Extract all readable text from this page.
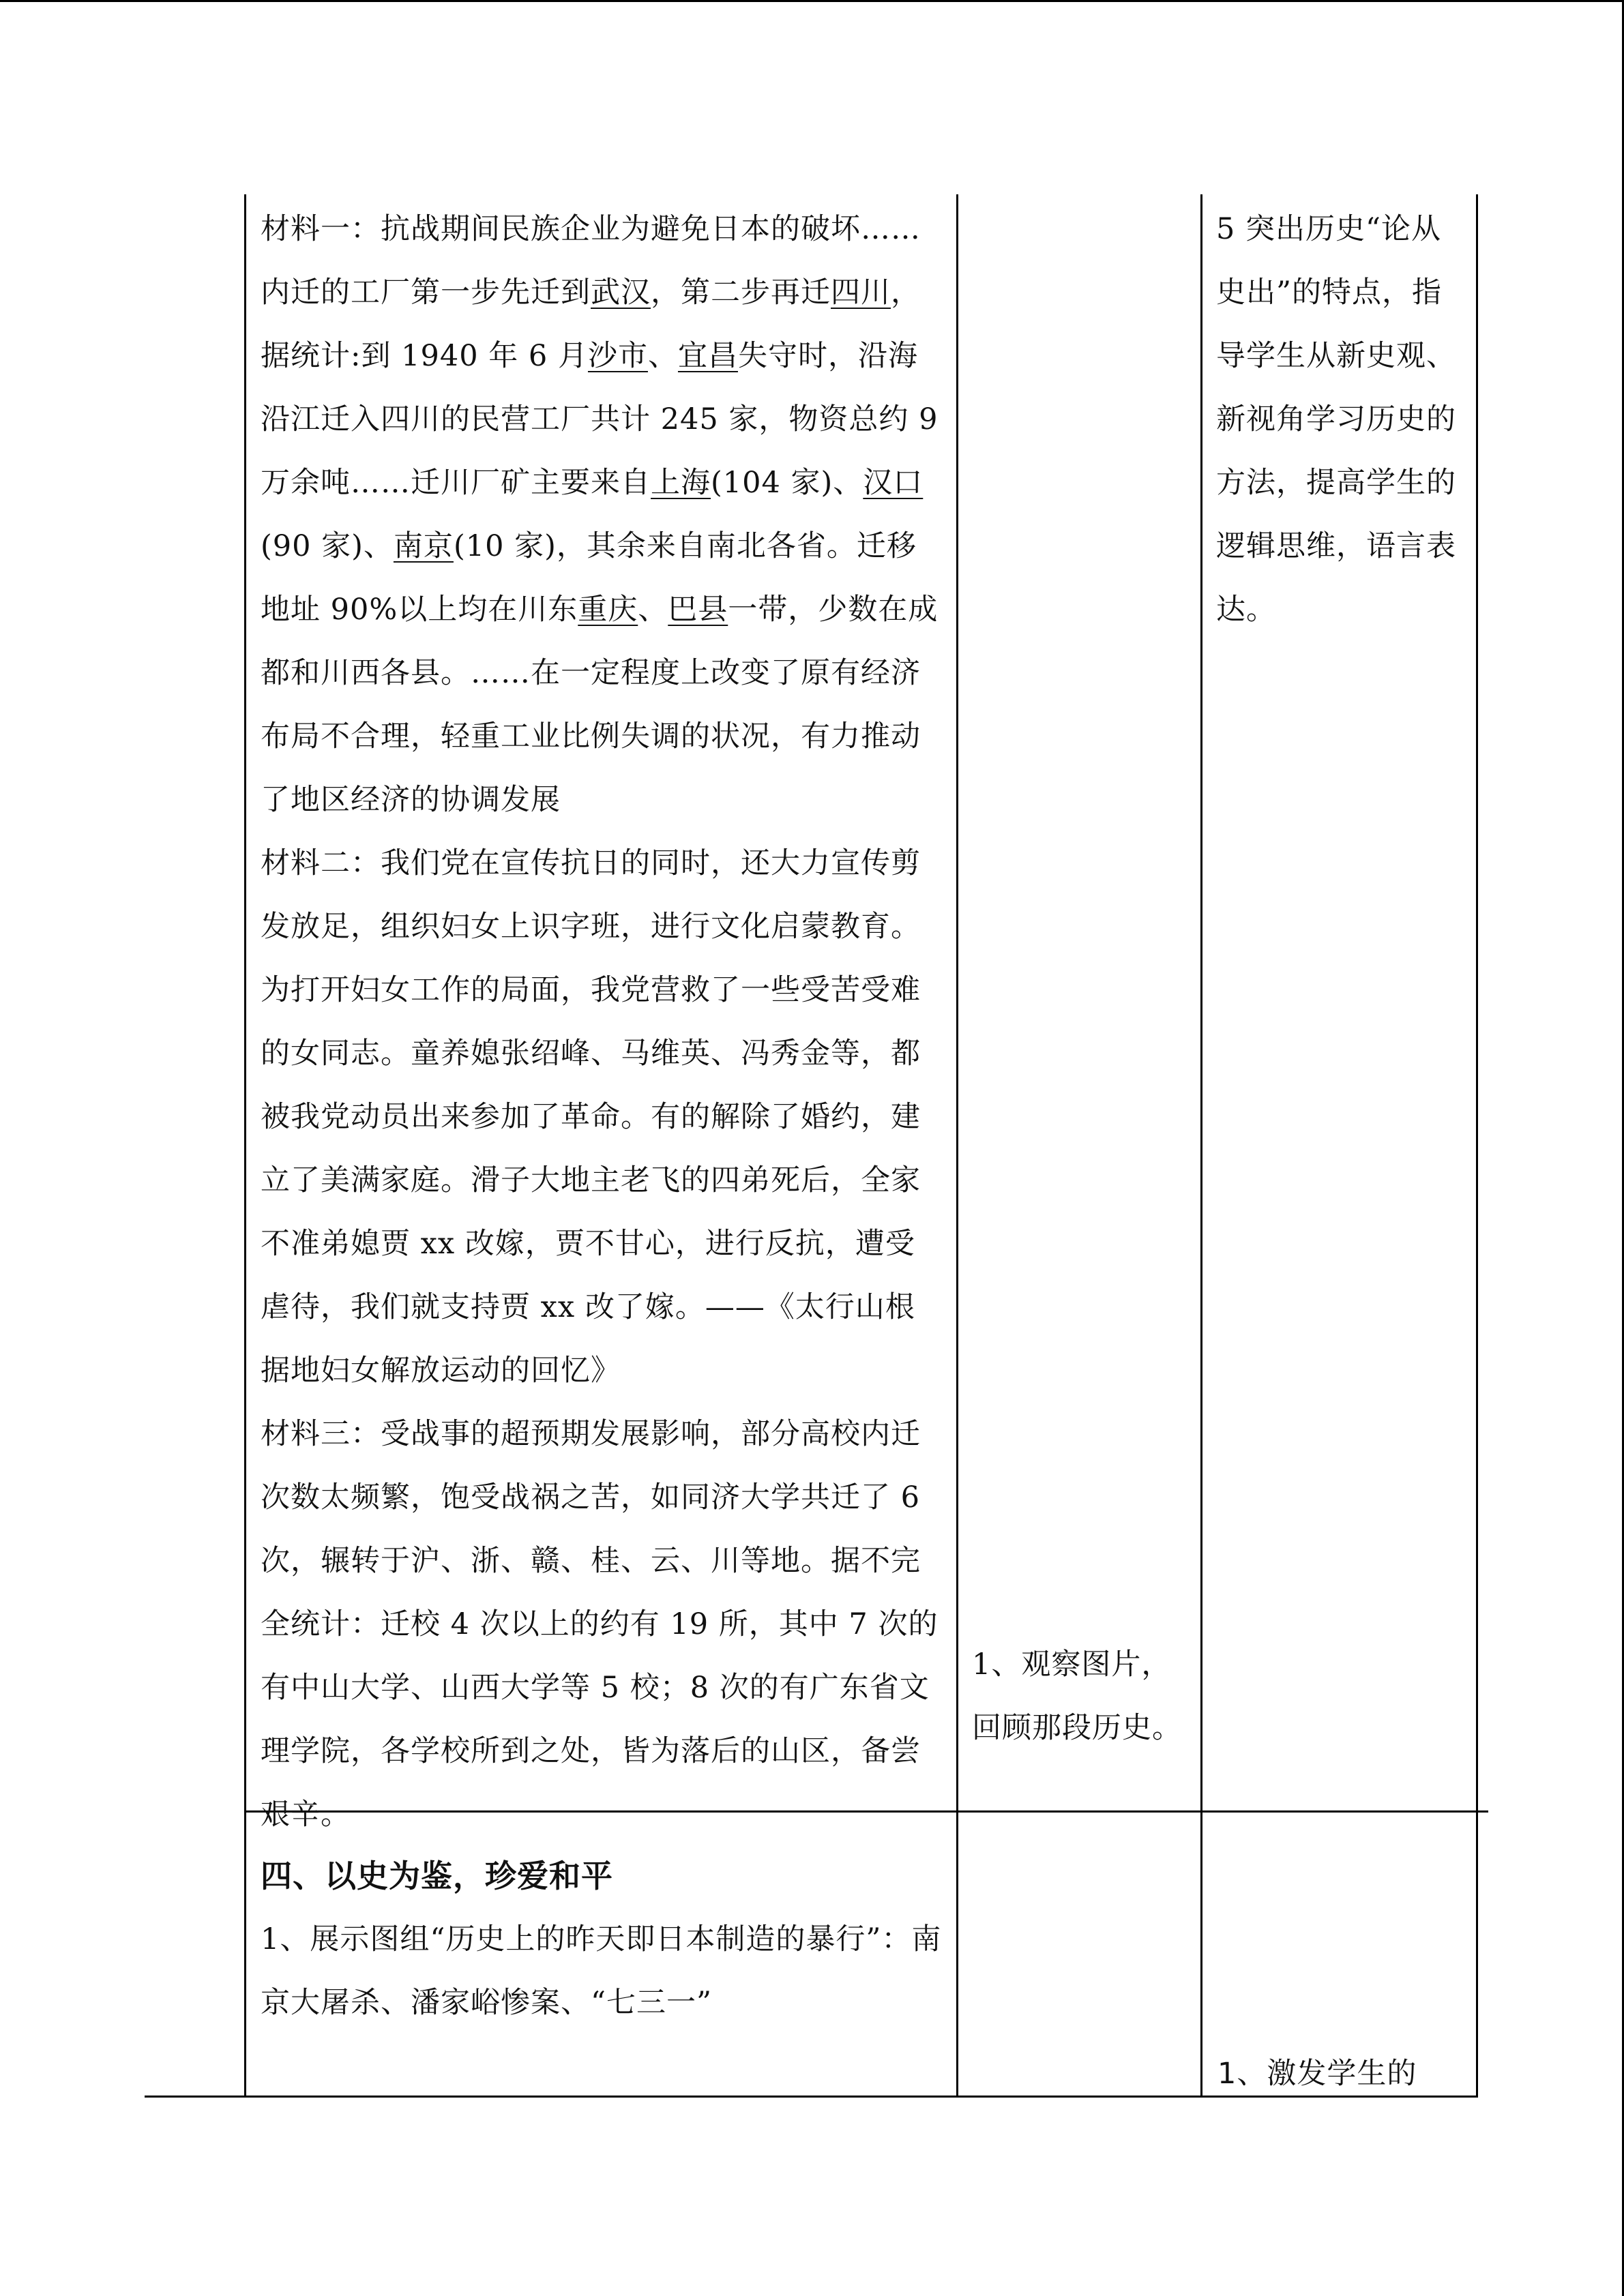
材料一：抗战期间民族企业为避免日本的破坏……内迁的工厂第一步先迁到武汉，第二步再迁四川，据统计:到 1940 年 6 月沙市、宜昌失守时，沿海沿江迁入四川的民营工厂共计 245 家，物资总约 9 万余吨……迁川厂矿主要来自上海(104 家)、汉口(90 家)、南京(10 家)，其余来自南北各省。迁移地址 90%以上均在川东重庆、巴县一带，少数在成都和川西各县。……在一定程度上改变了原有经济布局不合理，轻重工业比例失调的状况，有力推动了地区经济的协调发展

材料二：我们党在宣传抗日的同时，还大力宣传剪发放足，组织妇女上识字班，进行文化启蒙教育。为打开妇女工作的局面，我党营救了一些受苦受难的女同志。童养媳张绍峰、马维英、冯秀金等，都被我党动员出来参加了革命。有的解除了婚约，建立了美满家庭。滑子大地主老飞的四弟死后，全家不准弟媳贾 xx 改嫁，贾不甘心，进行反抗，遭受虐待，我们就支持贾 xx 改了嫁。——《太行山根据地妇女解放运动的回忆》

材料三：受战事的超预期发展影响，部分高校内迁次数太频繁，饱受战祸之苦，如同济大学共迁了 6 次，辗转于沪、浙、赣、桂、云、川等地。据不完全统计：迁校 4 次以上的约有 19 所，其中 7 次的有中山大学、山西大学等 5 校；8 次的有广东省文理学院，各学校所到之处，皆为落后的山区，备尝艰辛。

1、观察图片，回顾那段历史。

5 突出历史“论从史出”的特点，指导学生从新史观、新视角学习历史的方法，提高学生的逻辑思维，语言表达。

四、以史为鉴，珍爱和平

1、展示图组“历史上的昨天即日本制造的暴行”：南京大屠杀、潘家峪惨案、“七三一”

1、激发学生的
